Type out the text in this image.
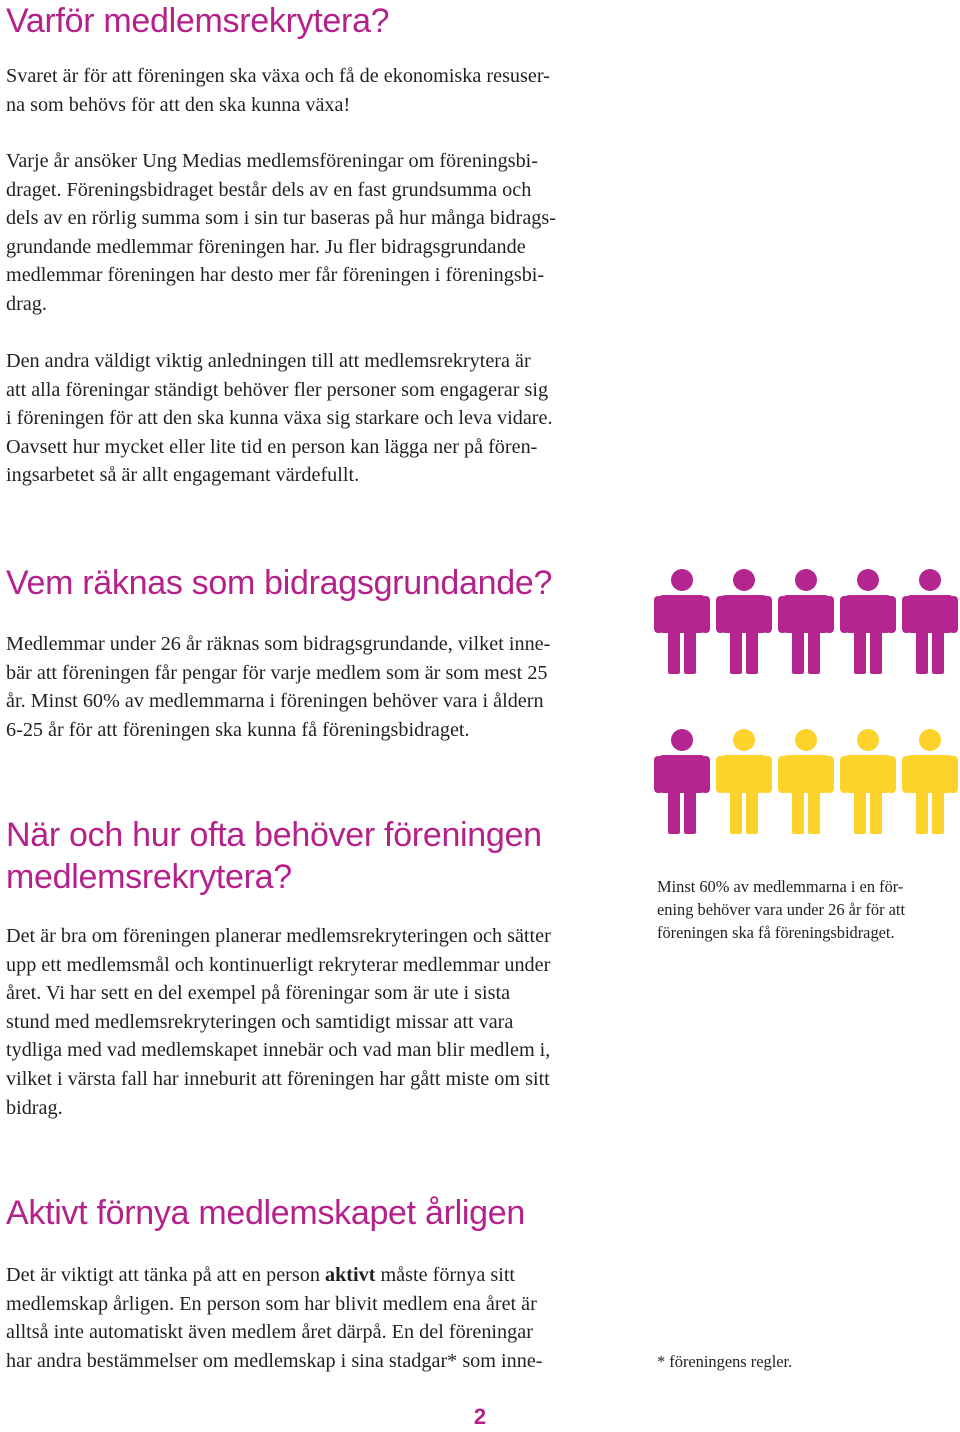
Varför medlemsrekrytera?

Svaret är för att föreningen ska växa och få de ekonomiska resuser-
na som behövs för att den ska kunna växa!

Varje år ansöker Ung Medias medlemsföreningar om föreningsbi-
draget. Föreningsbidraget består dels av en fast grundsumma och
dels av en rörlig summa som i sin tur baseras på hur många bidrags-
grundande medlemmar föreningen har. Ju fler bidragsgrundande
medlemmar föreningen har desto mer får föreningen i föreningsbi-
drag.

Den andra väldigt viktig anledningen till att medlemsrekrytera är
att alla föreningar ständigt behöver fler personer som engagerar sig
i föreningen för att den ska kunna växa sig starkare och leva vidare.
Oavsett hur mycket eller lite tid en person kan lägga ner på fören-
ingsarbetet så är allt engagemant värdefullt.

Vem räknas som bidragsgrundande?

Medlemmar under 26 år räknas som bidragsgrundande, vilket inne-
bär att föreningen får pengar för varje medlem som är som mest 25
år. Minst 60% av medlemmarna i föreningen behöver vara i åldern
6-25 år för att föreningen ska kunna få föreningsbidraget.

När och hur ofta behöver föreningen
medlemsrekrytera?

Det är bra om föreningen planerar medlemsrekryteringen och sätter
upp ett medlemsmål och kontinuerligt rekryterar medlemmar under
året. Vi har sett en del exempel på föreningar som är ute i sista
stund med medlemsrekryteringen och samtidigt missar att vara
tydliga med vad medlemskapet innebär och vad man blir medlem i,
vilket i värsta fall har inneburit att föreningen har gått miste om sitt
bidrag.

Aktivt förnya medlemskapet årligen

Det är viktigt att tänka på att en person aktivt måste förnya sitt
medlemskap årligen. En person som har blivit medlem ena året är
alltså inte automatiskt även medlem året därpå. En del föreningar
har andra bestämmelser om medlemskap i sina stadgar* som inne-

Minst 60% av medlemmarna i en för-
ening behöver vara under 26 år för att
föreningen ska få föreningsbidraget.

* föreningens regler.

2
